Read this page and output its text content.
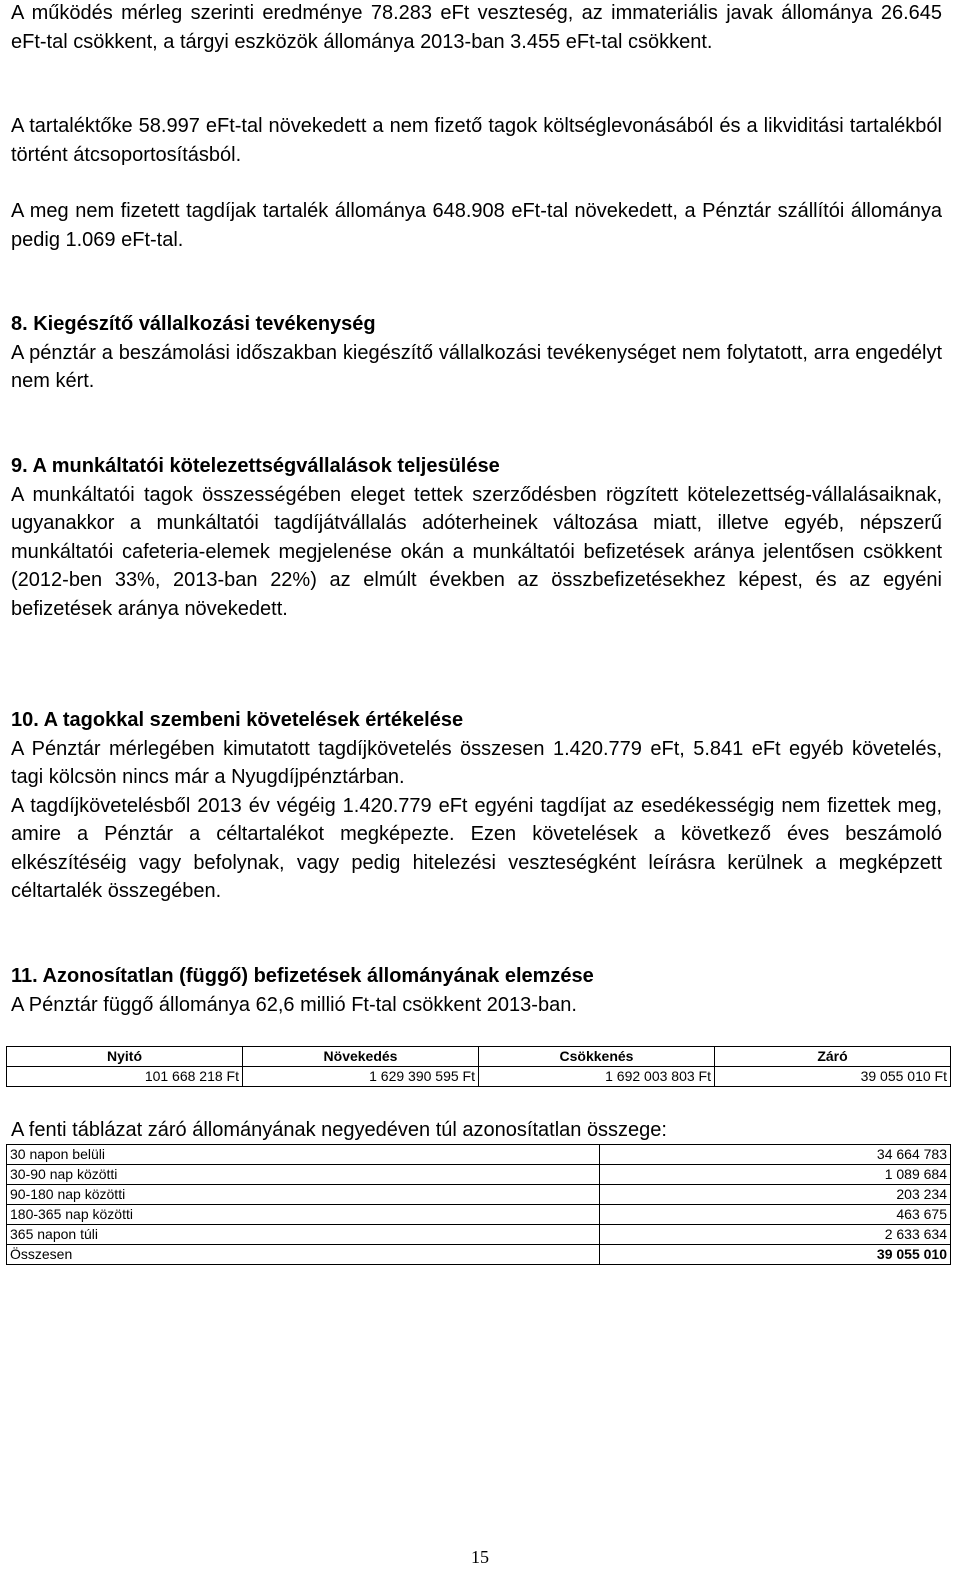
A működés mérleg szerinti eredménye 78.283 eFt veszteség, az immateriális javak állománya 26.645 eFt-tal csökkent, a tárgyi eszközök állománya 2013-ban 3.455 eFt-tal csökkent.

A tartaléktőke 58.997 eFt-tal növekedett a nem fizető tagok költséglevonásából és a likviditási tartalékból történt átcsoportosításból.

A meg nem fizetett tagdíjak tartalék állománya 648.908 eFt-tal növekedett, a Pénztár szállítói állománya pedig 1.069 eFt-tal.

8. Kiegészítő vállalkozási tevékenység

A pénztár a beszámolási időszakban kiegészítő vállalkozási tevékenységet nem folytatott, arra engedélyt nem kért.

9. A munkáltatói kötelezettségvállalások teljesülése

A munkáltatói tagok összességében eleget tettek szerződésben rögzített kötelezettség-vállalásaiknak, ugyanakkor a munkáltatói tagdíjátvállalás adóterheinek változása miatt, illetve egyéb, népszerű munkáltatói cafeteria-elemek megjelenése okán a munkáltatói befizetések aránya jelentősen csökkent (2012-ben 33%, 2013-ban 22%) az elmúlt években az összbefizetésekhez képest, és az egyéni befizetések aránya növekedett.

10. A tagokkal szembeni követelések értékelése

A Pénztár mérlegében kimutatott tagdíjkövetelés összesen 1.420.779 eFt, 5.841 eFt egyéb követelés, tagi kölcsön nincs már a Nyugdíjpénztárban.

A tagdíjkövetelésből 2013 év végéig 1.420.779 eFt egyéni tagdíjat az esedékességig nem fizettek meg, amire a Pénztár a céltartalékot megképezte. Ezen követelések a következő éves beszámoló elkészítéséig vagy befolynak, vagy pedig hitelezési veszteségként leírásra kerülnek a megképzett céltartalék összegében.

11. Azonosítatlan (függő) befizetések állományának elemzése

A Pénztár függő állománya 62,6 millió Ft-tal csökkent 2013-ban.

Nyitó	Növekedés	Csökkenés	Záró
101 668 218 Ft	1 629 390 595 Ft	1 692 003 803 Ft	39 055 010 Ft

A fenti táblázat záró állományának negyedéven túl azonosítatlan összege:

30 napon belüli	34 664 783
30-90 nap közötti	1 089 684
90-180 nap közötti	203 234
180-365 nap közötti	463 675
365 napon túli	2 633 634
Összesen	39 055 010
15
